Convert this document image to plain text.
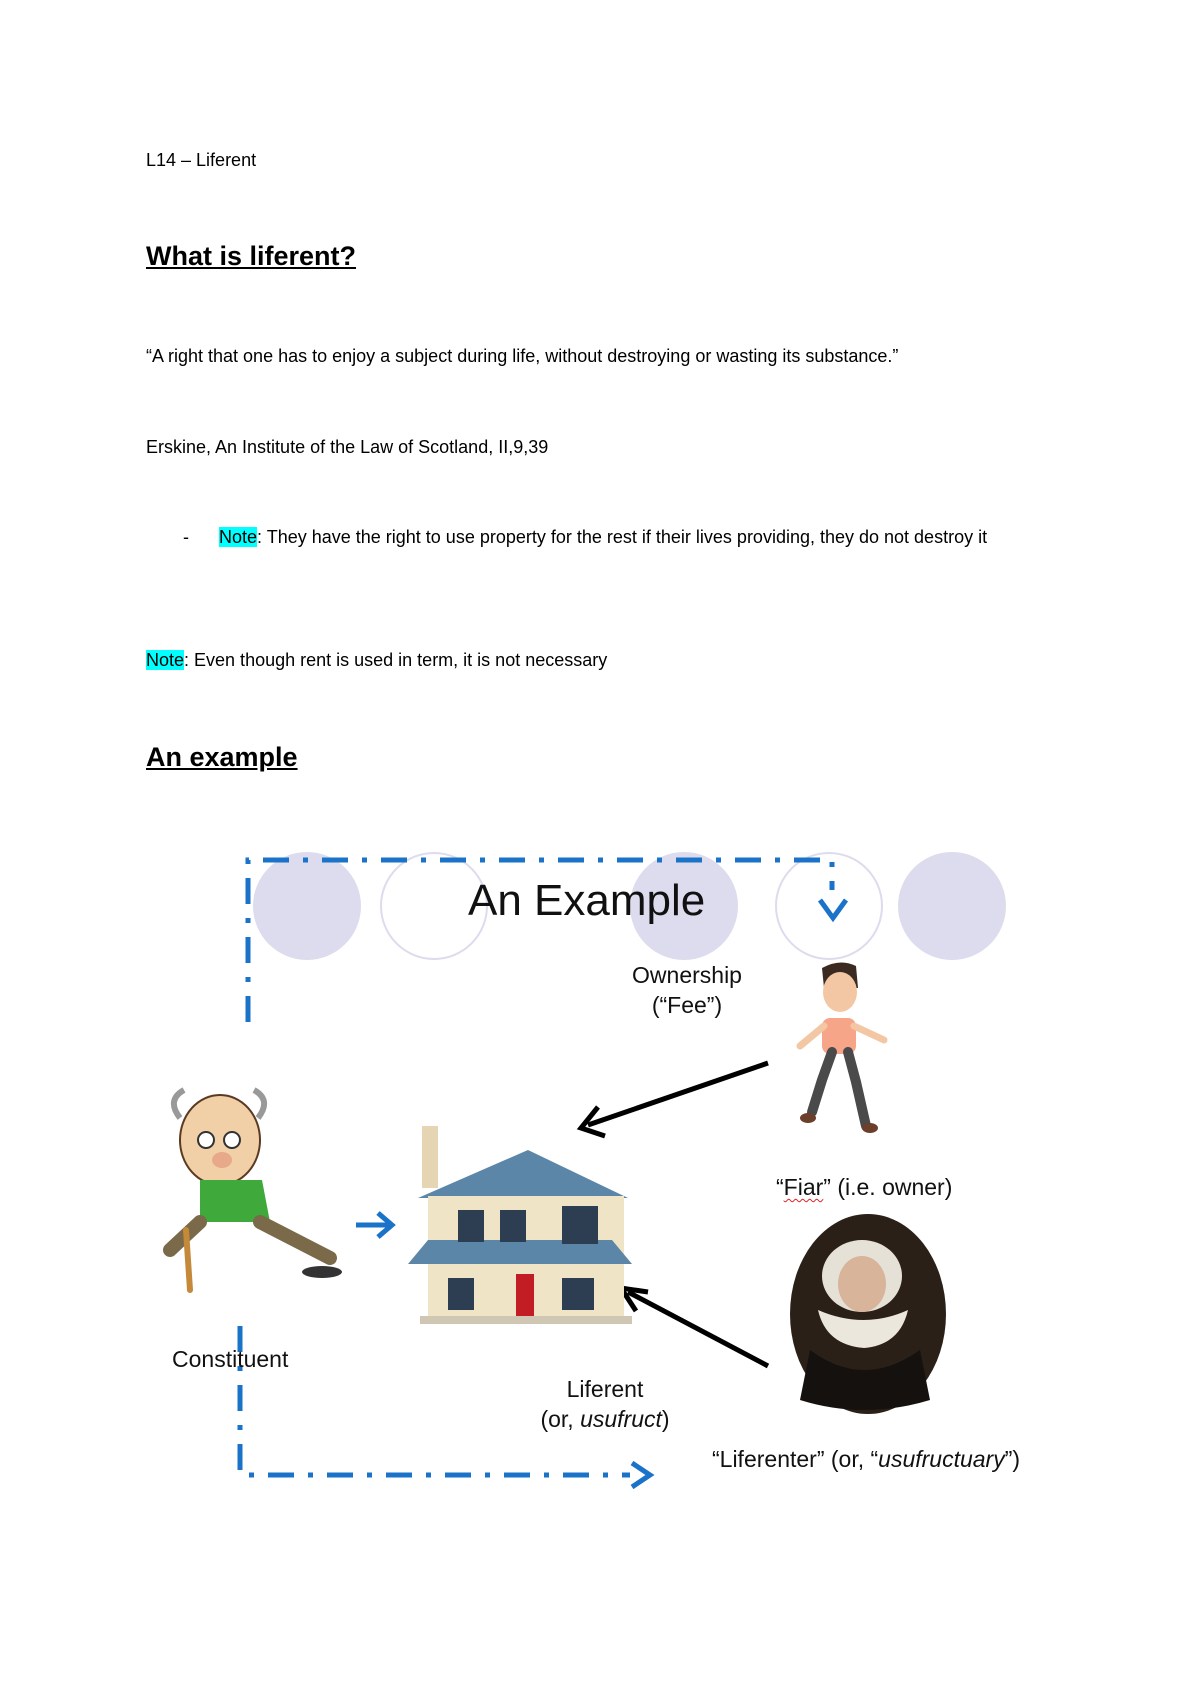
L14 – Liferent
What is liferent?
“A right that one has to enjoy a subject during life, without destroying or wasting its substance.”
Erskine, An Institute of the Law of Scotland, II,9,39
- Note: They have the right to use property for the rest if their lives providing, they do not destroy it
Note: Even though rent is used in term, it is not necessary
An example
An Example
Ownership
(“Fee”)
“Fiar” (i.e. owner)
Constituent
Liferent
(or, usufruct)
“Liferenter” (or, “usufructuary”)
